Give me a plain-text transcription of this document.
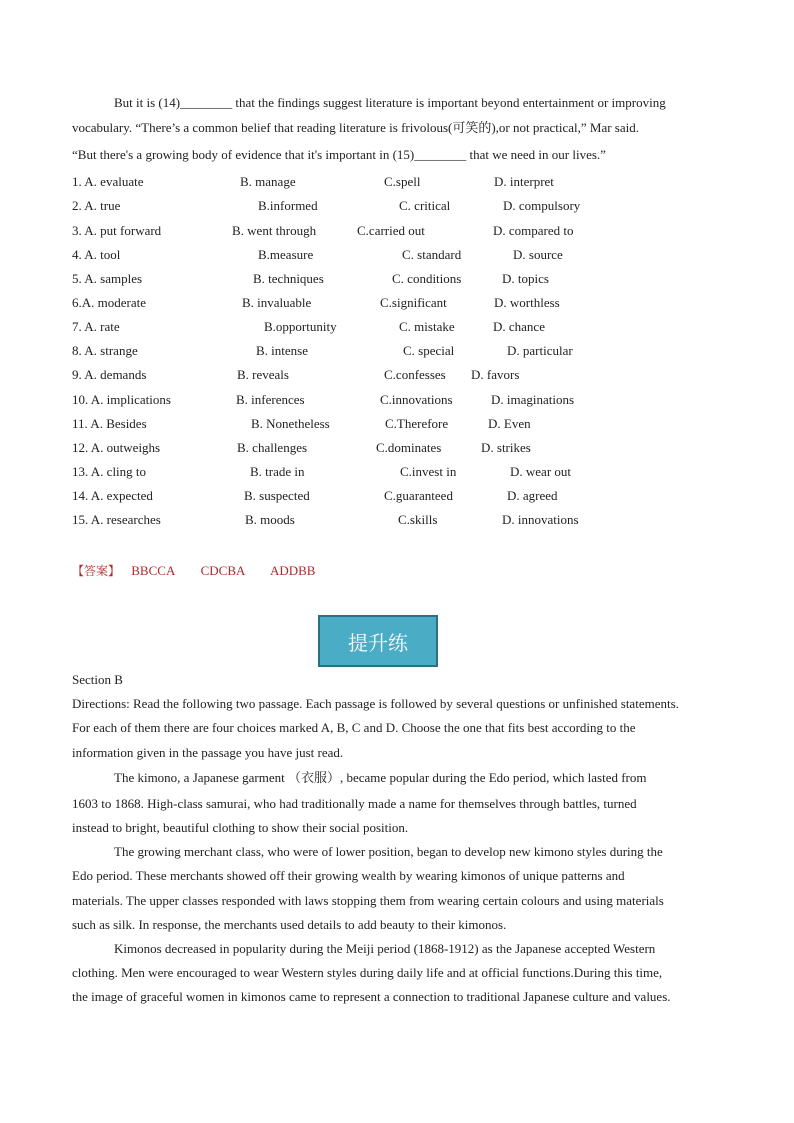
But it is (14)________ that the findings suggest literature is important beyond entertainment or improving
vocabulary. “There’s a common belief that reading literature is frivolous(可笑的),or not practical,” Mar said.
“But there's a growing body of evidence that it's important in (15)________ that we need in our lives.”
1. A. evaluate	B. manage	C.spell	D. interpret
2. A. true	B.informed	C. critical	D. compulsory
3. A. put forward	B. went through	C.carried out	D. compared to
4. A. tool	B.measure	C. standard	D. source
5. A. samples	B. techniques	C. conditions	D. topics
6.A. moderate	B. invaluable	C.significant	D. worthless
7. A. rate	B.opportunity	C. mistake	D. chance
8. A. strange	B. intense	C. special	D. particular
9. A. demands	B. reveals	C.confesses D. favors
10. A. implications	B. inferences	C.innovations	D. imaginations
11. A. Besides	B. Nonetheless	C.Therefore	D. Even
12. A. outweighs	B. challenges	C.dominates	D. strikes
13. A. cling to	B. trade in	C.invest in	D. wear out
14. A. expected	B. suspected	C.guaranteed	D. agreed
15. A. researches	B. moods	C.skills	D. innovations
【答案】 BBCCA CDCBA ADDBB
提升练
Section B
Directions: Read the following two passage. Each passage is followed by several questions or unfinished statements.
For each of them there are four choices marked A, B, C and D. Choose the one that fits best according to the
information given in the passage you have just read.
The kimono, a Japanese garment （衣服）, became popular during the Edo period, which lasted from
1603 to 1868. High-class samurai, who had traditionally made a name for themselves through battles, turned
instead to bright, beautiful clothing to show their social position.
The growing merchant class, who were of lower position, began to develop new kimono styles during the
Edo period. These merchants showed off their growing wealth by wearing kimonos of unique patterns and
materials. The upper classes responded with laws stopping them from wearing certain colours and using materials
such as silk. In response, the merchants used details to add beauty to their kimonos.
Kimonos decreased in popularity during the Meiji period (1868-1912) as the Japanese accepted Western
clothing. Men were encouraged to wear Western styles during daily life and at official functions.During this time,
the image of graceful women in kimonos came to represent a connection to traditional Japanese culture and values.
